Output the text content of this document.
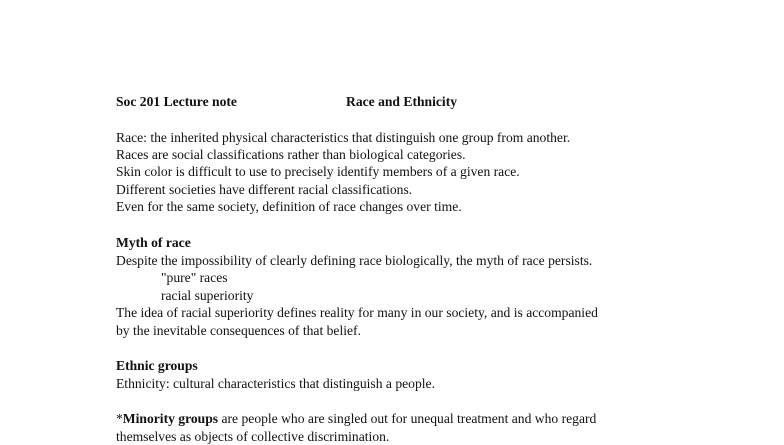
Soc 201 Lecture note	Race and Ethnicity
Race: the inherited physical characteristics that distinguish one group from another.
Races are social classifications rather than biological categories.
Skin color is difficult to use to precisely identify members of a given race.
Different societies have different racial classifications.
Even for the same society, definition of race changes over time.
Myth of race
Despite the impossibility of clearly defining race biologically, the myth of race persists.
"pure" races
racial superiority
The idea of racial superiority defines reality for many in our society, and is accompanied
by the inevitable consequences of that belief.
Ethnic groups
Ethnicity: cultural characteristics that distinguish a people.
*Minority groups are people who are singled out for unequal treatment and who regard
themselves as objects of collective discrimination.
